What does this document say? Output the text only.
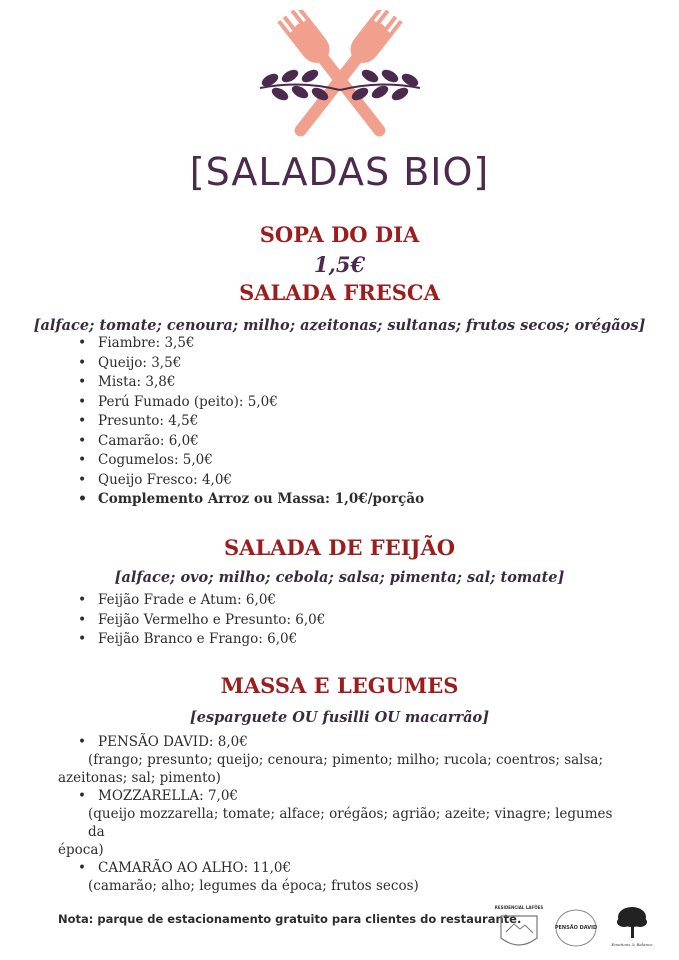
[SALADAS BIO]
SOPA DO DIA
1,5€
SALADA FRESCA
[alface; tomate; cenoura; milho; azeitonas; sultanas; frutos secos; orégãos]
• Fiambre: 3,5€
• Queijo: 3,5€
• Mista: 3,8€
• Perú Fumado (peito): 5,0€
• Presunto: 4,5€
• Camarão: 6,0€
• Cogumelos: 5,0€
• Queijo Fresco: 4,0€
• Complemento Arroz ou Massa: 1,0€/porção
SALADA DE FEIJÃO
[alface; ovo; milho; cebola; salsa; pimenta; sal; tomate]
• Feijão Frade e Atum: 6,0€
• Feijão Vermelho e Presunto: 6,0€
• Feijão Branco e Frango: 6,0€
MASSA E LEGUMES
[esparguete OU fusilli OU macarrão]
• PENSÃO DAVID: 8,0€
(frango; presunto; queijo; cenoura; pimento; milho; rucola; coentros; salsa;
azeitonas; sal; pimento)
• MOZZARELLA: 7,0€
(queijo mozzarella; tomate; alface; orégãos; agrião; azeite; vinagre; legumes da
época)
• CAMARÃO AO ALHO: 11,0€
(camarão; alho; legumes da época; frutos secos)
Nota: parque de estacionamento gratuito para clientes do restaurante.
RESIDENCIAL LAFÕES
PENSÃO DAVID
Emotions & Balance
